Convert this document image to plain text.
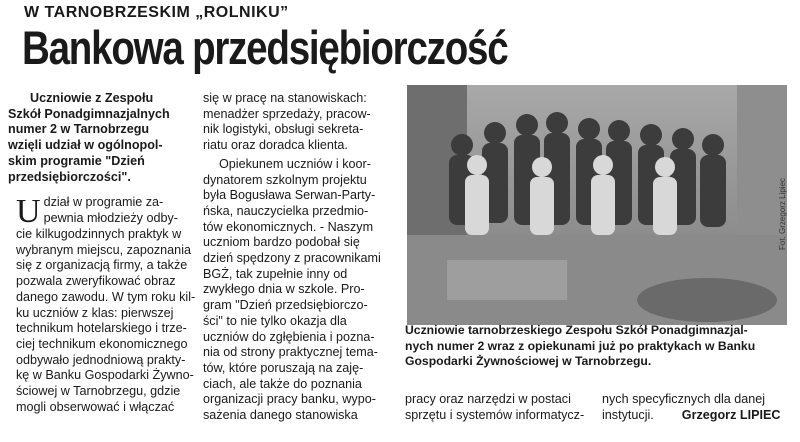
W TARNOBRZESKIM „ROLNIKU”
Bankowa przedsiębiorczość

Uczniowie z Zespołu

Szkół Ponadgimnazjalnych

numer 2 w Tarnobrzegu

wzięli udział w ogólnopol-

skim programie "Dzień

przedsiębiorczości".

U dział w programie za-

pewnia młodzieży odby-

cie kilkugodzinnych praktyk w

wybranym miejscu, zapoznania

się z organizacją firmy, a także

pozwala zweryfikować obraz

danego zawodu. W tym roku kil-

ku uczniów z klas: pierwszej

technikum hotelarskiego i trze-

ciej technikum ekonomicznego

odbywało jednodniową prakty-

kę w Banku Gospodarki Żywno-

ściowej w Tarnobrzegu, gdzie

mogli obserwować i włączać

się w pracę na stanowiskach:

menadżer sprzedaży, pracow-

nik logistyki, obsługi sekreta-

riatu oraz doradca klienta.

Opiekunem uczniów i koor-

dynatorem szkolnym projektu

była Bogusława Serwan-Party-

ńska, nauczycielka przedmio-

tów ekonomicznych. - Naszym

uczniom bardzo podobał się

dzień spędzony z pracownikami

BGŻ, tak zupełnie inny od

zwykłego dnia w szkole. Pro-

gram "Dzień przedsiębiorczo-

ści" to nie tylko okazja dla

uczniów do zgłębienia i pozna-

nia od strony praktycznej tema-

tów, które poruszają na zaję-

ciach, ale także do poznania

organizacji pracy banku, wypo-

sażenia danego stanowiska

Fot. Grzegorz Lipiec

Uczniowie tarnobrzeskiego Zespołu Szkół Ponadgimnazjal-

nych numer 2 wraz z opiekunami już po praktykach w Banku

Gospodarki Żywnościowej w Tarnobrzegu.

pracy oraz narzędzi w postaci

sprzętu i systemów informatycz-

nych specyficznych dla danej

instytucji. Grzegorz LIPIEC
